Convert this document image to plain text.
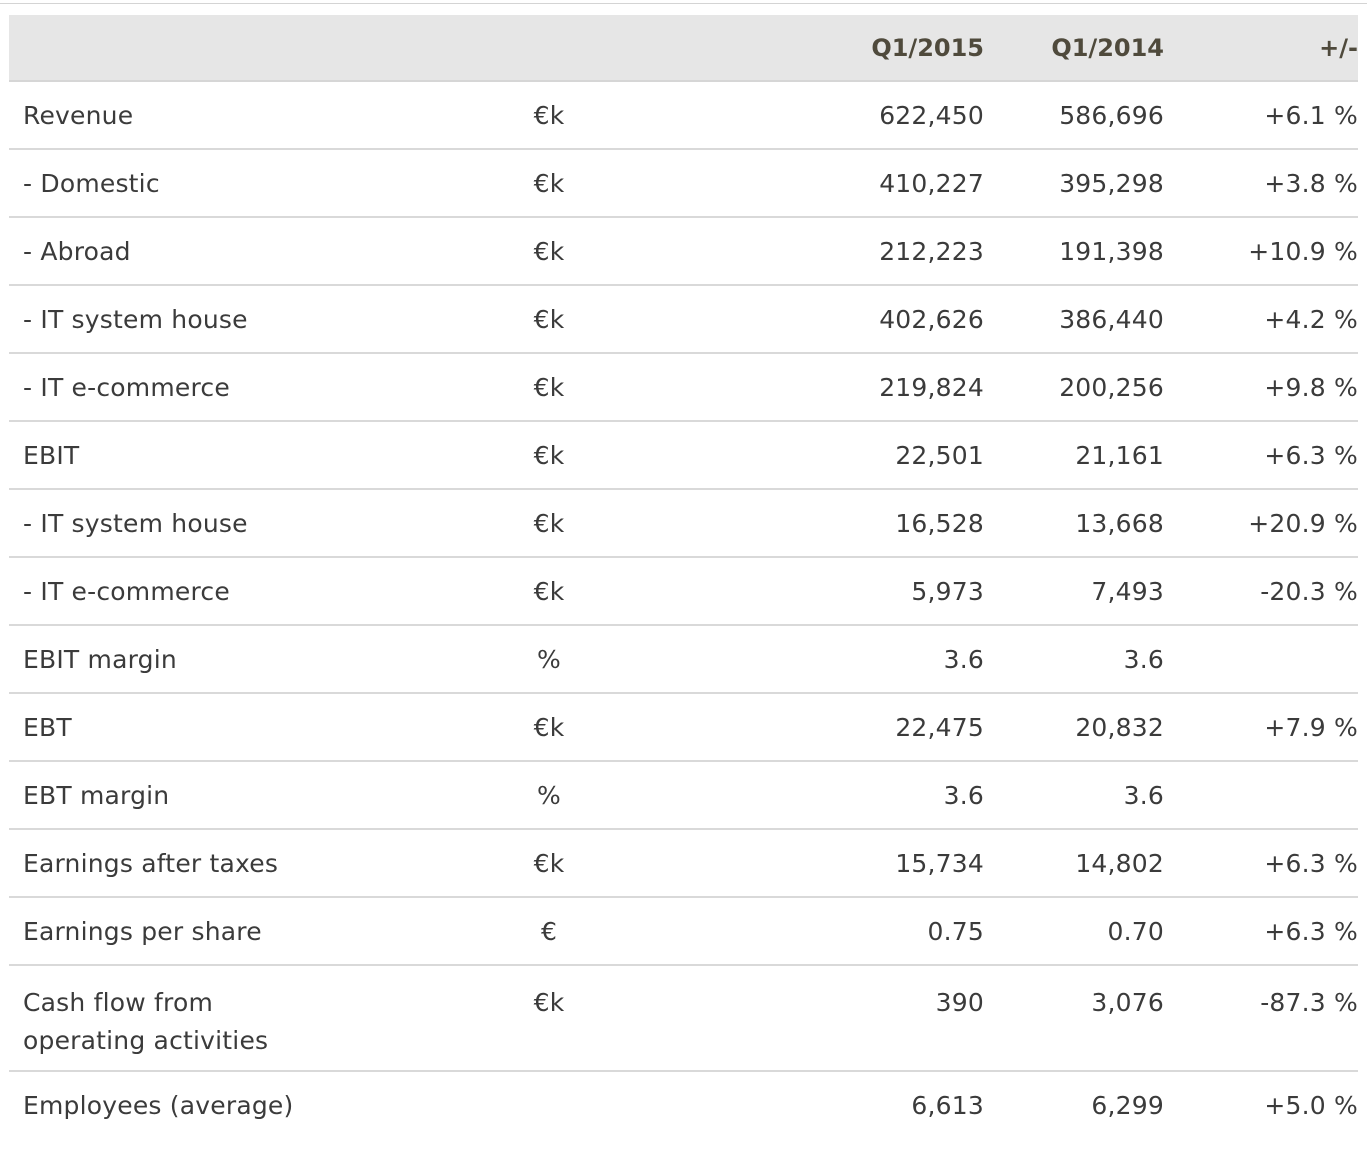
		Q1/2015	Q1/2014	+/-
Revenue	€k	622,450	586,696	+6.1 %
- Domestic	€k	410,227	395,298	+3.8 %
- Abroad	€k	212,223	191,398	+10.9 %
- IT system house	€k	402,626	386,440	+4.2 %
- IT e-commerce	€k	219,824	200,256	+9.8 %
EBIT	€k	22,501	21,161	+6.3 %
- IT system house	€k	16,528	13,668	+20.9 %
- IT e-commerce	€k	5,973	7,493	-20.3 %
EBIT margin	%	3.6	3.6	
EBT	€k	22,475	20,832	+7.9 %
EBT margin	%	3.6	3.6	
Earnings after taxes	€k	15,734	14,802	+6.3 %
Earnings per share	€	0.75	0.70	+6.3 %

Cash flow from operating activities	€k	390	3,076	-87.3 %

Employees (average)		6,613	6,299	+5.0 %
